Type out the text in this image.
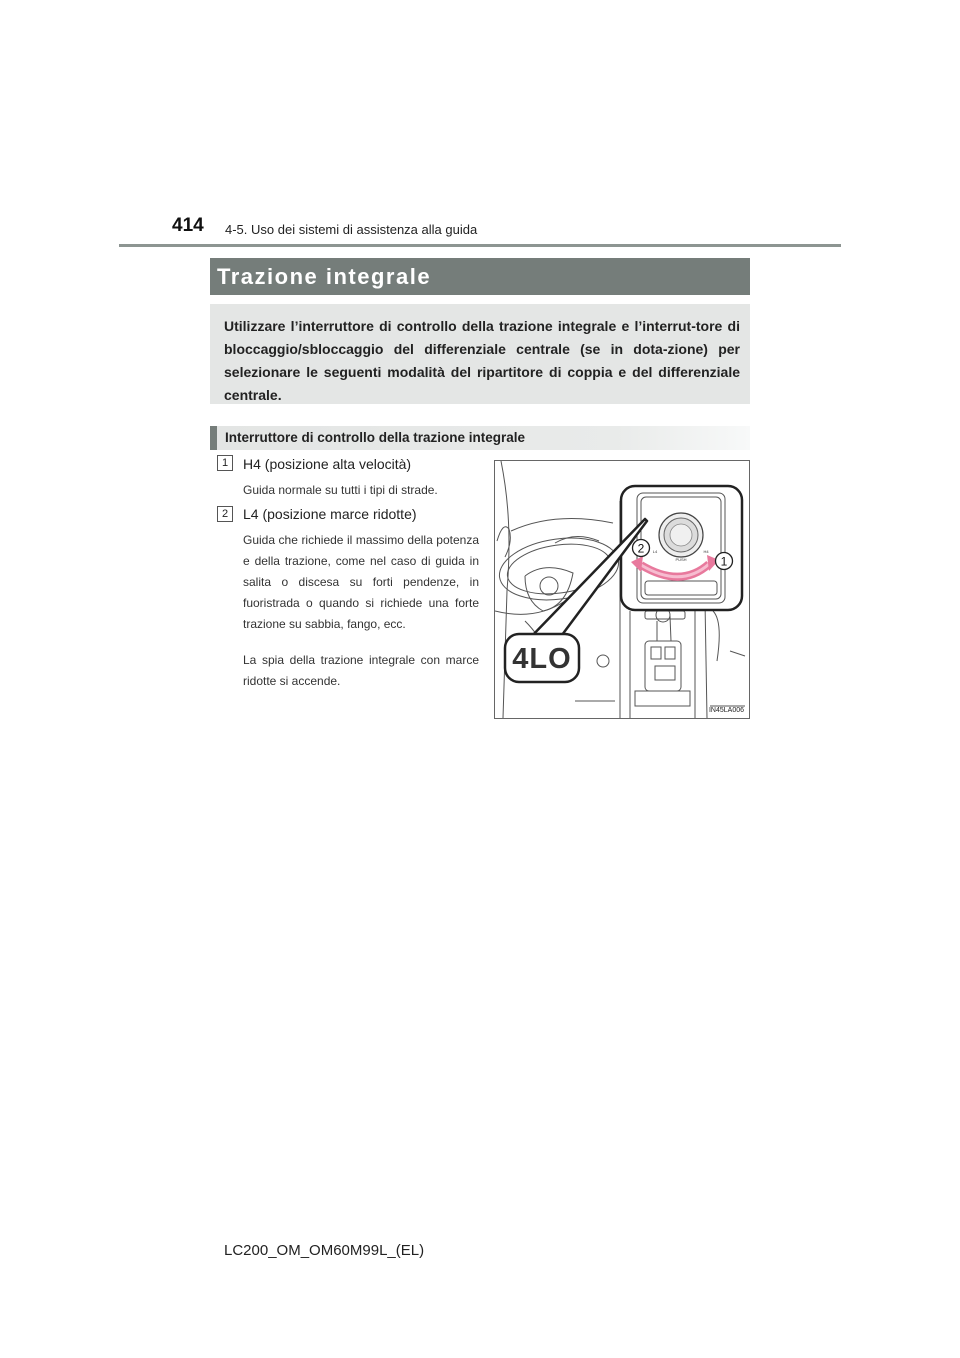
414 4-5. Uso dei sistemi di assistenza alla guida
Trazione integrale
Utilizzare l’interruttore di controllo della trazione integrale e l’interrut-tore di bloccaggio/sbloccaggio del differenziale centrale (se in dota-zione) per selezionare le seguenti modalità del ripartitore di coppia e del differenziale centrale.
Interruttore di controllo della trazione integrale
1	H4 (posizione alta velocità)

Guida normale su tutti i tipi di strade.

2	L4 (posizione marce ridotte)

Guida che richiede il massimo della potenza e della trazione, come nel caso di guida in salita o discesa su forti pendenze, in fuoristrada o quando si richiede una forte trazione su sabbia, fango, ecc.

La spia della trazione integrale con marce ridotte si accende.

PUSH
L4	H4
2
1
4LO
IN45LA006
LC200_OM_OM60M99L_(EL)
